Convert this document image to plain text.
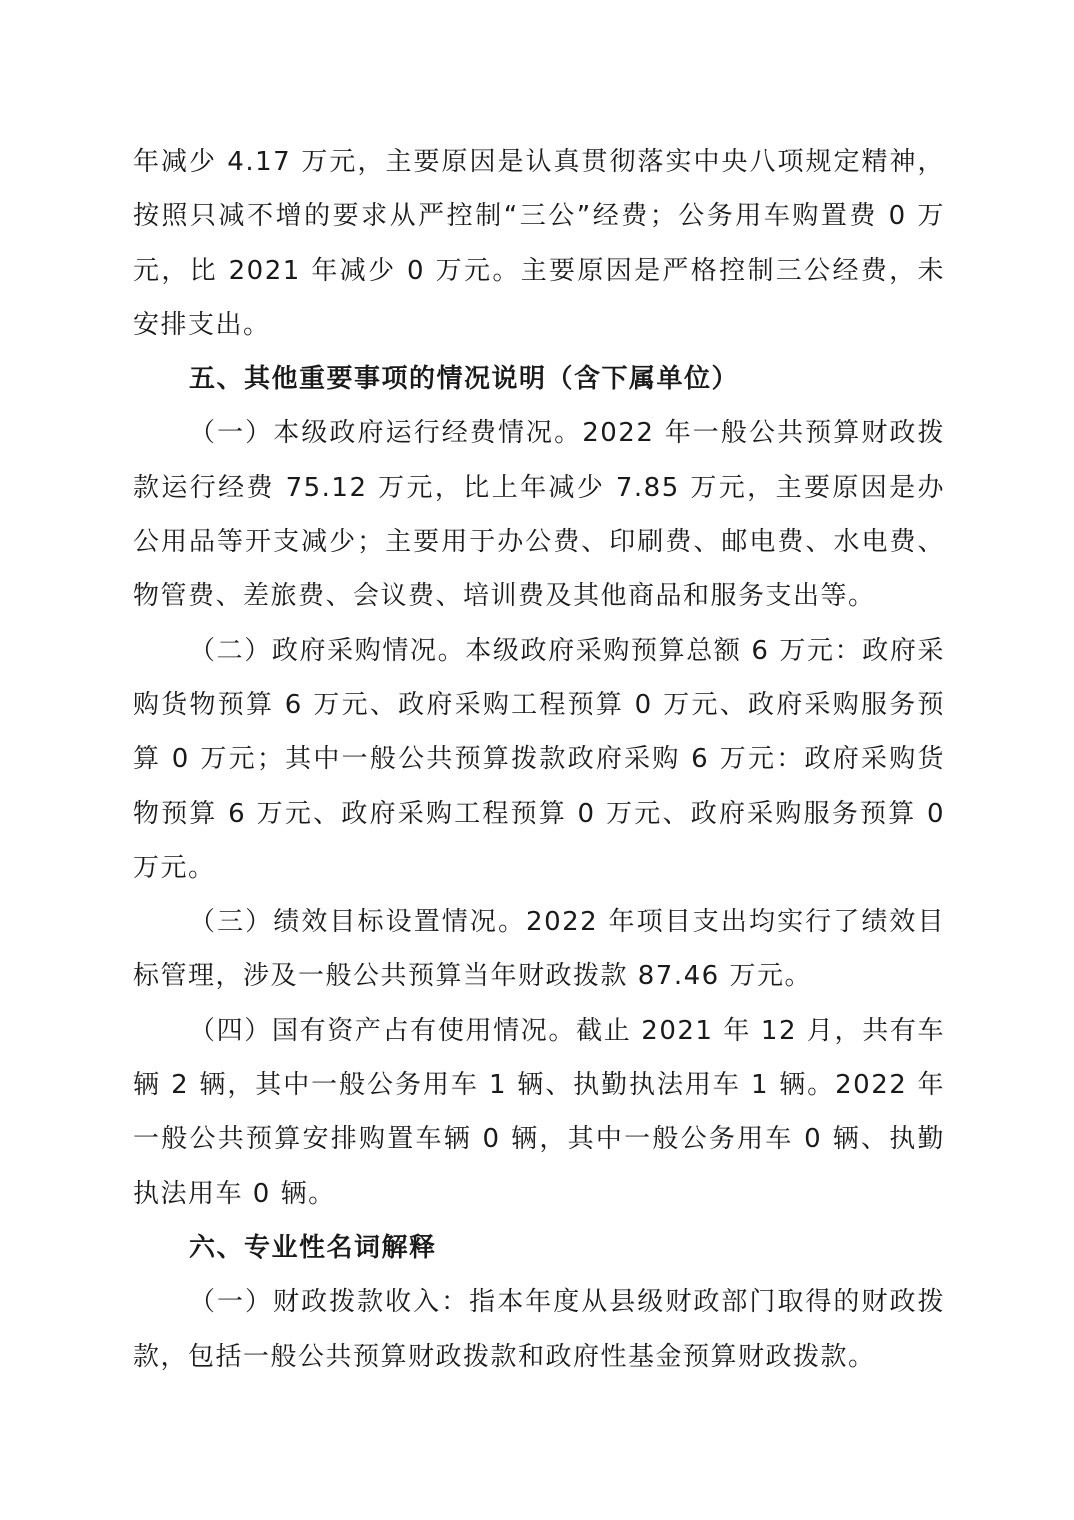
年减少 4.17 万元，主要原因是认真贯彻落实中央八项规定精神，按照只减不增的要求从严控制“三公”经费；公务用车购置费 0 万元，比 2021 年减少 0 万元。主要原因是严格控制三公经费，未安排支出。

五、其他重要事项的情况说明（含下属单位）

（一）本级政府运行经费情况。2022 年一般公共预算财政拨款运行经费 75.12 万元，比上年减少 7.85 万元，主要原因是办公用品等开支减少；主要用于办公费、印刷费、邮电费、水电费、物管费、差旅费、会议费、培训费及其他商品和服务支出等。

（二）政府采购情况。本级政府采购预算总额 6 万元：政府采购货物预算 6 万元、政府采购工程预算 0 万元、政府采购服务预算 0 万元；其中一般公共预算拨款政府采购 6 万元：政府采购货物预算 6 万元、政府采购工程预算 0 万元、政府采购服务预算 0 万元。

（三）绩效目标设置情况。2022 年项目支出均实行了绩效目标管理，涉及一般公共预算当年财政拨款 87.46 万元。

（四）国有资产占有使用情况。截止 2021 年 12 月，共有车辆 2 辆，其中一般公务用车 1 辆、执勤执法用车 1 辆。2022 年一般公共预算安排购置车辆 0 辆，其中一般公务用车 0 辆、执勤执法用车 0 辆。

六、专业性名词解释

（一）财政拨款收入：指本年度从县级财政部门取得的财政拨款，包括一般公共预算财政拨款和政府性基金预算财政拨款。
